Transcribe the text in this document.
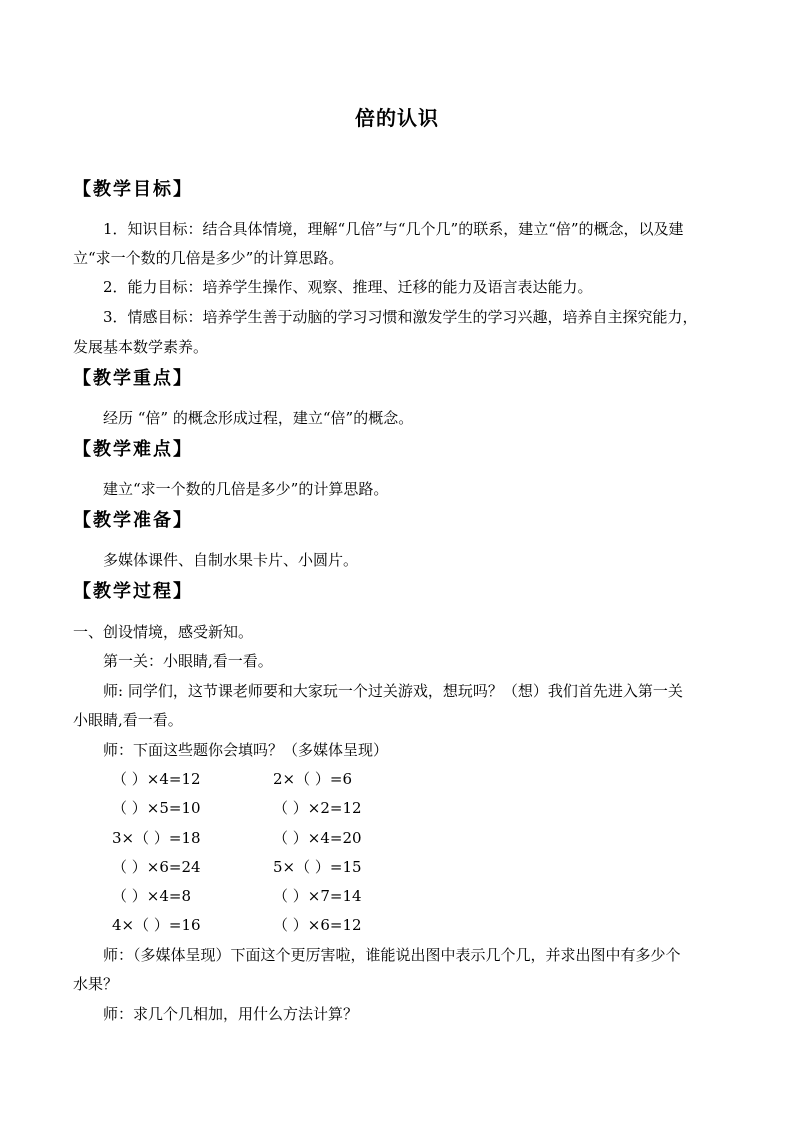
倍的认识
【教学目标】
1．知识目标：结合具体情境，理解“几倍”与“几个几”的联系，建立“倍”的概念，以及建
立“求一个数的几倍是多少”的计算思路。
2．能力目标：培养学生操作、观察、推理、迁移的能力及语言表达能力。
3．情感目标：培养学生善于动脑的学习习惯和激发学生的学习兴趣，培养自主探究能力，
发展基本数学素养。
【教学重点】
经历 “倍” 的概念形成过程，建立“倍”的概念。
【教学难点】
建立“求一个数的几倍是多少”的计算思路。
【教学准备】
多媒体课件、自制水果卡片、小圆片。
【教学过程】
一、创设情境，感受新知。
第一关：小眼睛,看一看。
师: 同学们，这节课老师要和大家玩一个过关游戏，想玩吗？（想）我们首先进入第一关
小眼睛,看一看。
师：下面这些题你会填吗？（多媒体呈现）
（ ）×4=12	2×（ ）=6
（ ）×5=10	（ ）×2=12
3×（ ）=18	（ ）×4=20
（ ）×6=24	5×（ ）=15
（ ）×4=8	（ ）×7=14
4×（ ）=16	（ ）×6=12
师：（多媒体呈现）下面这个更厉害啦，谁能说出图中表示几个几，并求出图中有多少个
水果？
师：求几个几相加，用什么方法计算？
